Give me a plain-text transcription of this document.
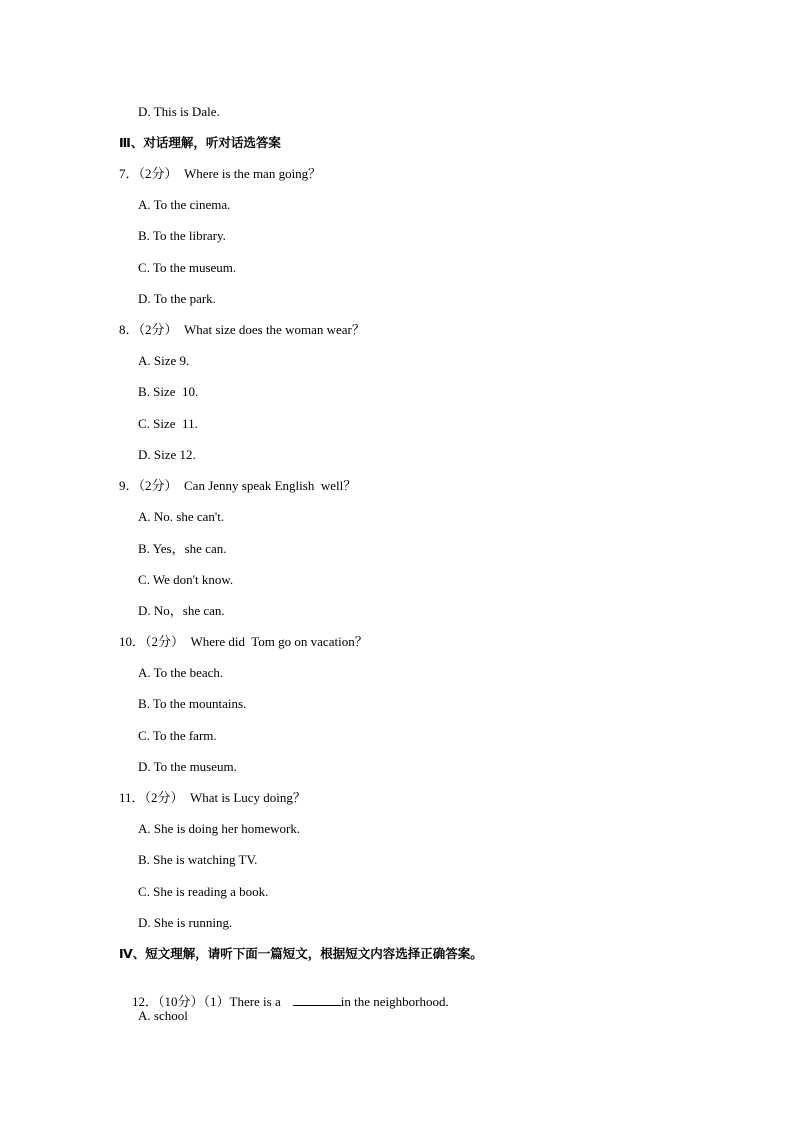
D. This is Dale.
Ⅲ、对话理解，听对话选答案
7．（2分）  Where is the man going？
A. To the cinema.
B. To the library.
C. To the museum.
D. To the park.
8．（2分）  What size does the woman wear？
A. Size 9.
B. Size  10.
C. Size  11.
D. Size 12.
9．（2分）  Can Jenny speak English  well？
A. No. she can't.
B. Yes，she can.
C. We don't know.
D. No，she can.
10．（2分）  Where did  Tom go on vacation？
A. To the beach.
B. To the mountains.
C. To the farm.
D. To the museum.
11．（2分）  What is Lucy doing？
A. She is doing her homework.
B. She is watching TV.
C. She is reading a book.
D. She is running.
Ⅳ、短文理解，请听下面一篇短文，根据短文内容选择正确答案。

12．（10分）（1）There is a	in the neighborhood.

A. school
